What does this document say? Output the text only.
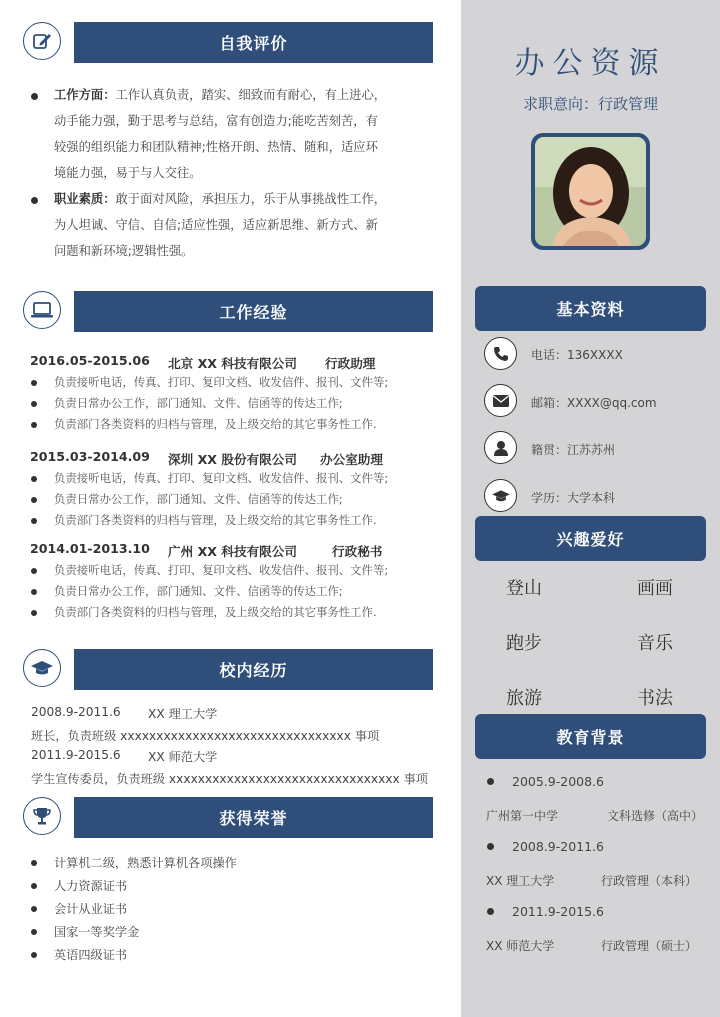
自我评价
工作方面：工作认真负责，踏实、细致而有耐心，有上进心，
动手能力强，勤于思考与总结，富有创造力;能吃苦刻苦，有
较强的组织能力和团队精神;性格开朗、热情、随和，适应环
境能力强，易于与人交往。
职业素质：敢于面对风险，承担压力，乐于从事挑战性工作，
为人坦诚、守信、自信;适应性强，适应新思维、新方式、新
问题和新环境;逻辑性强。
工作经验
2016.05-2015.06 北京 XX 科技有限公司 行政助理
负责接听电话，传真、打印、复印文档、收发信件、报刊、文件等;
负责日常办公工作，部门通知、文件、信函等的传达工作;
负责部门各类资料的归档与管理，及上级交给的其它事务性工作.
2015.03-2014.09 深圳 XX 股份有限公司 办公室助理
负责接听电话，传真、打印、复印文档、收发信件、报刊、文件等;
负责日常办公工作，部门通知、文件、信函等的传达工作;
负责部门各类资料的归档与管理，及上级交给的其它事务性工作.
2014.01-2013.10 广州 XX 科技有限公司	行政秘书
负责接听电话，传真、打印、复印文档、收发信件、报刊、文件等;
负责日常办公工作，部门通知、文件、信函等的传达工作;
负责部门各类资料的归档与管理，及上级交给的其它事务性工作.
校内经历
2008.9-2011.6 XX 理工大学
班长，负责班级 xxxxxxxxxxxxxxxxxxxxxxxxxxxxxxxx 事项
2011.9-2015.6 XX 师范大学
学生宣传委员，负责班级 xxxxxxxxxxxxxxxxxxxxxxxxxxxxxxxx 事项
获得荣誉
计算机二级，熟悉计算机各项操作
人力资源证书
会计从业证书
国家一等奖学金
英语四级证书
办公资源
求职意向：行政管理
基本资料
电话：136XXXX
邮箱：XXXX@qq.com
籍贯：江苏苏州
学历：大学本科
兴趣爱好
登山	画画
跑步	音乐
旅游	书法
教育背景
2005.9-2008.6
广州第一中学	文科选修（高中）
2008.9-2011.6
XX 理工大学	行政管理（本科）
2011.9-2015.6
XX 师范大学	行政管理（硕士）
